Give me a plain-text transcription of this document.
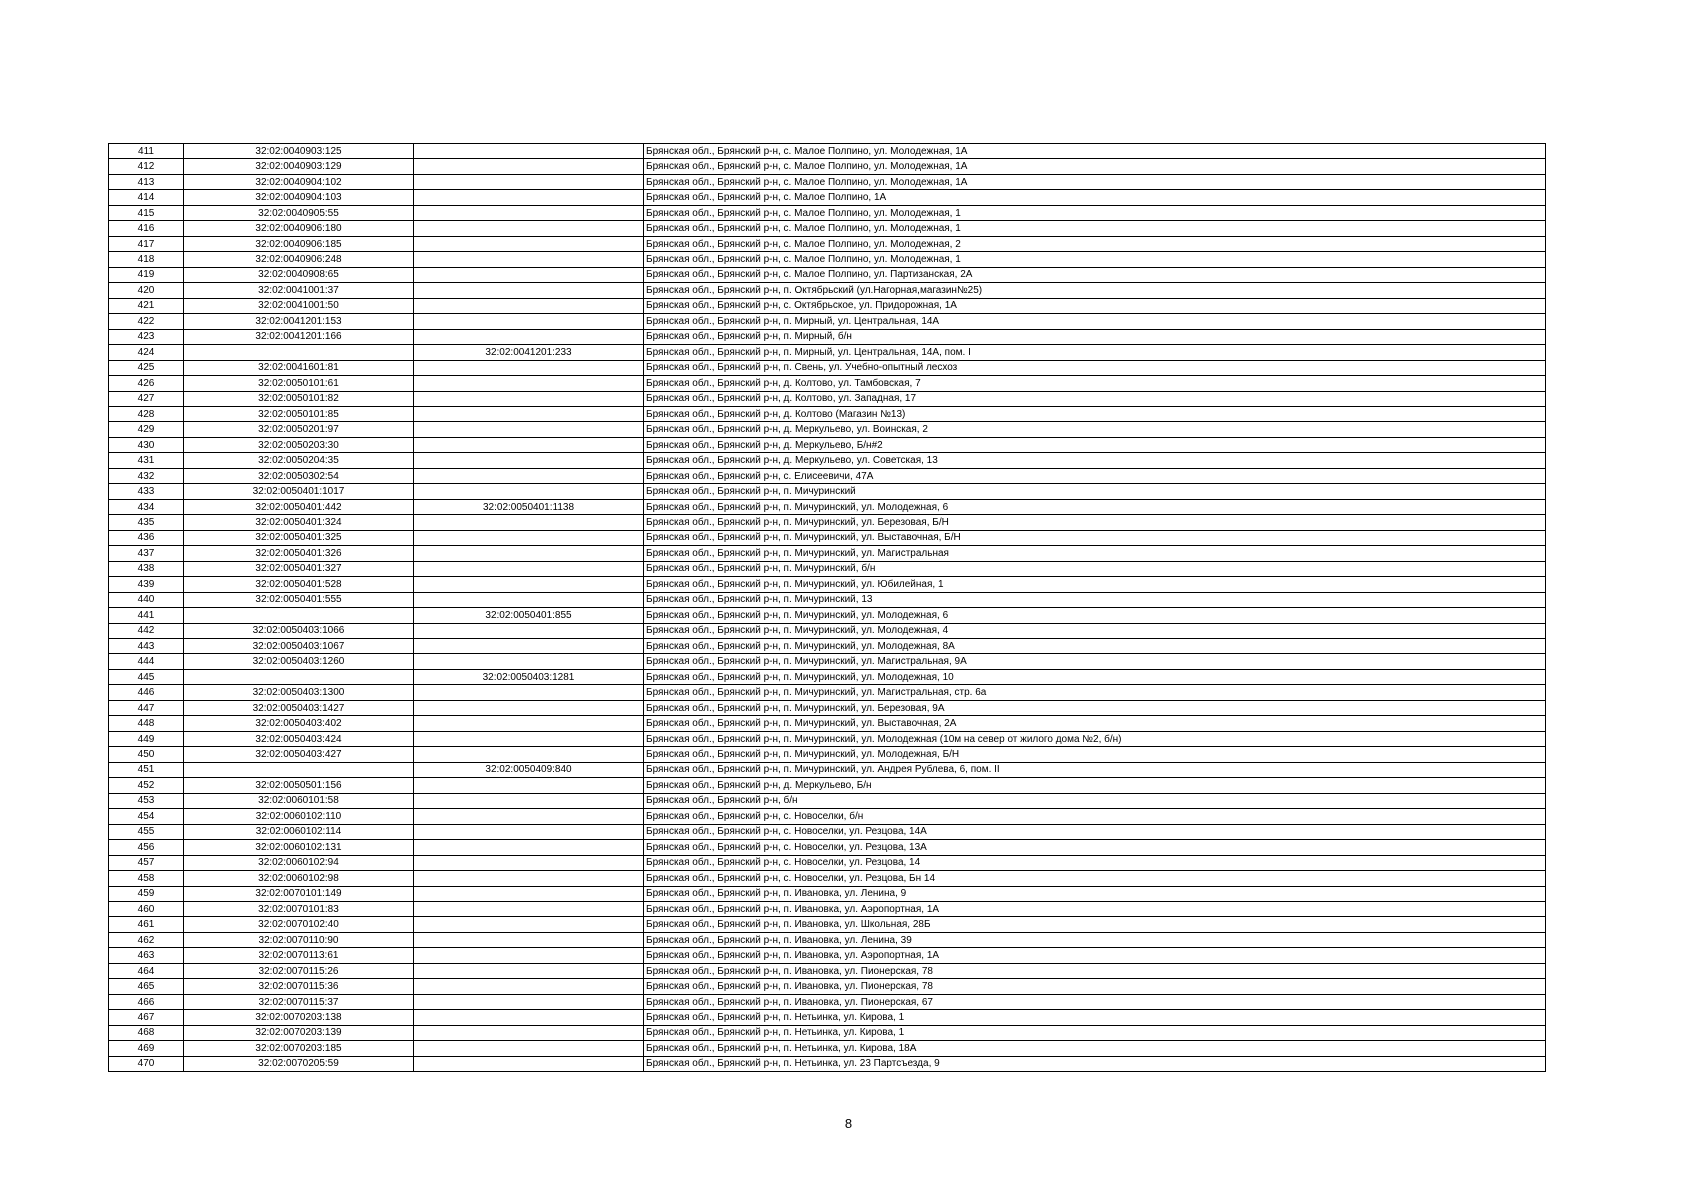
411	32:02:0040903:125		Брянская обл., Брянский р-н, с. Малое Полпино, ул. Молодежная, 1А
412	32:02:0040903:129		Брянская обл., Брянский р-н, с. Малое Полпино, ул. Молодежная, 1А
413	32:02:0040904:102		Брянская обл., Брянский р-н, с. Малое Полпино, ул. Молодежная, 1А
414	32:02:0040904:103		Брянская обл., Брянский р-н, с. Малое Полпино, 1А
415	32:02:0040905:55		Брянская обл., Брянский р-н, с. Малое Полпино, ул. Молодежная, 1
416	32:02:0040906:180		Брянская обл., Брянский р-н, с. Малое Полпино, ул. Молодежная, 1
417	32:02:0040906:185		Брянская обл., Брянский р-н, с. Малое Полпино, ул. Молодежная, 2
418	32:02:0040906:248		Брянская обл., Брянский р-н, с. Малое Полпино, ул. Молодежная, 1
419	32:02:0040908:65		Брянская обл., Брянский р-н, с. Малое Полпино, ул. Партизанская, 2А
420	32:02:0041001:37		Брянская обл., Брянский р-н, п. Октябрьский (ул.Нагорная,магазин№25)
421	32:02:0041001:50		Брянская обл., Брянский р-н, с. Октябрьское, ул. Придорожная, 1А
422	32:02:0041201:153		Брянская обл., Брянский р-н, п. Мирный, ул. Центральная, 14А
423	32:02:0041201:166		Брянская обл., Брянский р-н, п. Мирный, б/н
424		32:02:0041201:233	Брянская обл., Брянский р-н, п. Мирный, ул. Центральная, 14А, пом. I
425	32:02:0041601:81		Брянская обл., Брянский р-н, п. Свень, ул. Учебно-опытный лесхоз
426	32:02:0050101:61		Брянская обл., Брянский р-н, д. Колтово, ул. Тамбовская, 7
427	32:02:0050101:82		Брянская обл., Брянский р-н, д. Колтово, ул. Западная, 17
428	32:02:0050101:85		Брянская обл., Брянский р-н, д. Колтово (Магазин №13)
429	32:02:0050201:97		Брянская обл., Брянский р-н, д. Меркульево, ул. Воинская, 2
430	32:02:0050203:30		Брянская обл., Брянский р-н, д. Меркульево, Б/н#2
431	32:02:0050204:35		Брянская обл., Брянский р-н, д. Меркульево, ул. Советская, 13
432	32:02:0050302:54		Брянская обл., Брянский р-н, с. Елисеевичи, 47А
433	32:02:0050401:1017		Брянская обл., Брянский р-н, п. Мичуринский
434	32:02:0050401:442	32:02:0050401:1138	Брянская обл., Брянский р-н, п. Мичуринский, ул. Молодежная, 6
435	32:02:0050401:324		Брянская обл., Брянский р-н, п. Мичуринский, ул. Березовая, Б/Н
436	32:02:0050401:325		Брянская обл., Брянский р-н, п. Мичуринский, ул. Выставочная, Б/Н
437	32:02:0050401:326		Брянская обл., Брянский р-н, п. Мичуринский, ул. Магистральная
438	32:02:0050401:327		Брянская обл., Брянский р-н, п. Мичуринский, б/н
439	32:02:0050401:528		Брянская обл., Брянский р-н, п. Мичуринский, ул. Юбилейная, 1
440	32:02:0050401:555		Брянская обл., Брянский р-н, п. Мичуринский, 13
441		32:02:0050401:855	Брянская обл., Брянский р-н, п. Мичуринский, ул. Молодежная, 6
442	32:02:0050403:1066		Брянская обл., Брянский р-н, п. Мичуринский, ул. Молодежная, 4
443	32:02:0050403:1067		Брянская обл., Брянский р-н, п. Мичуринский, ул. Молодежная, 8А
444	32:02:0050403:1260		Брянская обл., Брянский р-н, п. Мичуринский, ул. Магистральная, 9А
445		32:02:0050403:1281	Брянская обл., Брянский р-н, п. Мичуринский, ул. Молодежная, 10
446	32:02:0050403:1300		Брянская обл., Брянский р-н, п. Мичуринский, ул. Магистральная, стр. 6а
447	32:02:0050403:1427		Брянская обл., Брянский р-н, п. Мичуринский, ул. Березовая, 9А
448	32:02:0050403:402		Брянская обл., Брянский р-н, п. Мичуринский, ул. Выставочная, 2А
449	32:02:0050403:424		Брянская обл., Брянский р-н, п. Мичуринский, ул. Молодежная (10м на север от жилого дома №2, б/н)
450	32:02:0050403:427		Брянская обл., Брянский р-н, п. Мичуринский, ул. Молодежная, Б/Н
451		32:02:0050409:840	Брянская обл., Брянский р-н, п. Мичуринский, ул. Андрея Рублева, 6, пом. II
452	32:02:0050501:156		Брянская обл., Брянский р-н, д. Меркульево, Б/н
453	32:02:0060101:58		Брянская обл., Брянский р-н, б/н
454	32:02:0060102:110		Брянская обл., Брянский р-н, с. Новоселки, б/н
455	32:02:0060102:114		Брянская обл., Брянский р-н, с. Новоселки, ул. Резцова, 14А
456	32:02:0060102:131		Брянская обл., Брянский р-н, с. Новоселки, ул. Резцова, 13А
457	32:02:0060102:94		Брянская обл., Брянский р-н, с. Новоселки, ул. Резцова, 14
458	32:02:0060102:98		Брянская обл., Брянский р-н, с. Новоселки, ул. Резцова, Бн 14
459	32:02:0070101:149		Брянская обл., Брянский р-н, п. Ивановка, ул. Ленина, 9
460	32:02:0070101:83		Брянская обл., Брянский р-н, п. Ивановка, ул. Аэропортная, 1А
461	32:02:0070102:40		Брянская обл., Брянский р-н, п. Ивановка, ул. Школьная, 28Б
462	32:02:0070110:90		Брянская обл., Брянский р-н, п. Ивановка, ул. Ленина, 39
463	32:02:0070113:61		Брянская обл., Брянский р-н, п. Ивановка, ул. Аэропортная, 1А
464	32:02:0070115:26		Брянская обл., Брянский р-н, п. Ивановка, ул. Пионерская, 78
465	32:02:0070115:36		Брянская обл., Брянский р-н, п. Ивановка, ул. Пионерская, 78
466	32:02:0070115:37		Брянская обл., Брянский р-н, п. Ивановка, ул. Пионерская, 67
467	32:02:0070203:138		Брянская обл., Брянский р-н, п. Нетьинка, ул. Кирова, 1
468	32:02:0070203:139		Брянская обл., Брянский р-н, п. Нетьинка, ул. Кирова, 1
469	32:02:0070203:185		Брянская обл., Брянский р-н, п. Нетьинка, ул. Кирова, 18А
470	32:02:0070205:59		Брянская обл., Брянский р-н, п. Нетьинка, ул. 23 Партсъезда, 9
8
